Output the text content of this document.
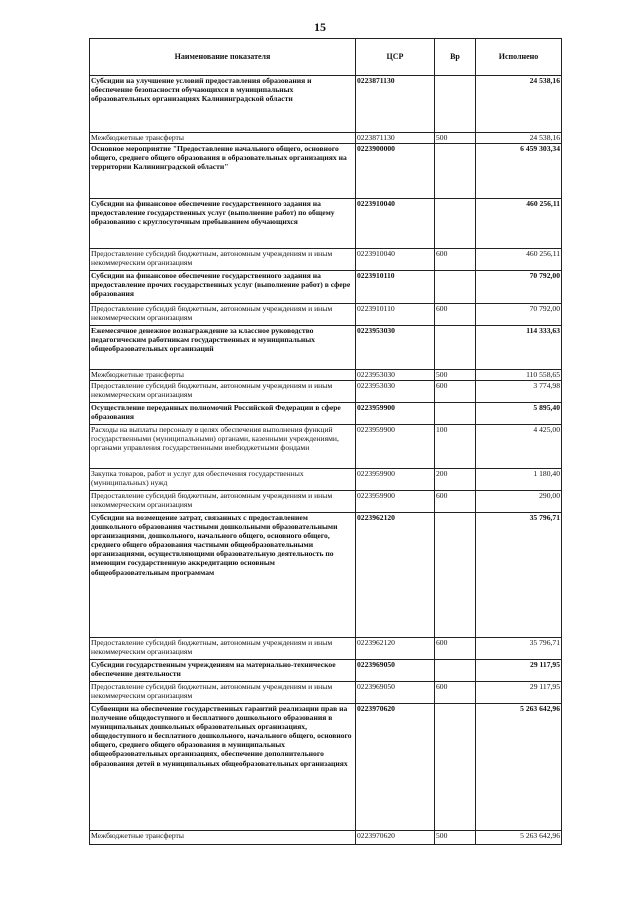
15
Наименование показателя	ЦСР	Вр	Исполнено
Субсидии на улучшение условий предоставления образования и обеспечение безопасности обучающихся в муниципальных образовательных организациях Калининградской области	0223871130		24 538,16
Межбюджетные трансферты	0223871130	500	24 538,16
Основное мероприятие "Предоставление начального общего, основного общего, среднего общего образования в образовательных организациях на территории Калининградской области"	0223900000		6 459 303,34
Субсидии на финансовое обеспечение государственного задания на предоставление государственных услуг (выполнение работ) по общему образованию с круглосуточным пребыванием обучающихся	0223910040		460 256,11
Предоставление субсидий бюджетным, автономным учреждениям и иным некоммерческим организациям	0223910040	600	460 256,11
Субсидии на финансовое обеспечение государственного задания на предоставление прочих государственных услуг (выполнение работ) в сфере образования	0223910110		70 792,00
Предоставление субсидий бюджетным, автономным учреждениям и иным некоммерческим организациям	0223910110	600	70 792,00
Ежемесячное денежное вознаграждение за классное руководство педагогическим работникам государственных и муниципальных общеобразовательных организаций	0223953030		114 333,63
Межбюджетные трансферты	0223953030	500	110 558,65
Предоставление субсидий бюджетным, автономным учреждениям и иным некоммерческим организациям	0223953030	600	3 774,98
Осуществление переданных полномочий Российской Федерации в сфере образования	0223959900		5 895,40
Расходы на выплаты персоналу в целях обеспечения выполнения функций государственными (муниципальными) органами, казенными учреждениями, органами управления государственными внебюджетными фондами	0223959900	100	4 425,00
Закупка товаров, работ и услуг для обеспечения государственных (муниципальных) нужд	0223959900	200	1 180,40
Предоставление субсидий бюджетным, автономным учреждениям и иным некоммерческим организациям	0223959900	600	290,00
Субсидии на возмещение затрат, связанных с предоставлением дошкольного образования частными дошкольными образовательными организациями, дошкольного, начального общего, основного общего, среднего общего образования частными общеобразовательными организациями, осуществляющими образовательную деятельность по имеющим государственную аккредитацию основным общеобразовательным программам	0223962120		35 796,71
Предоставление субсидий бюджетным, автономным учреждениям и иным некоммерческим организациям	0223962120	600	35 796,71
Субсидии государственным учреждениям на материально-техническое обеспечение деятельности	0223969050		29 117,95
Предоставление субсидий бюджетным, автономным учреждениям и иным некоммерческим организациям	0223969050	600	29 117,95
Субвенции на обеспечение государственных гарантий реализации прав на получение общедоступного и бесплатного дошкольного образования в муниципальных дошкольных образовательных организациях, общедоступного и бесплатного дошкольного, начального общего, основного общего, среднего общего образования в муниципальных общеобразовательных организациях, обеспечение дополнительного образования детей в муниципальных общеобразовательных организациях	0223970620		5 263 642,96
Межбюджетные трансферты	0223970620	500	5 263 642,96
